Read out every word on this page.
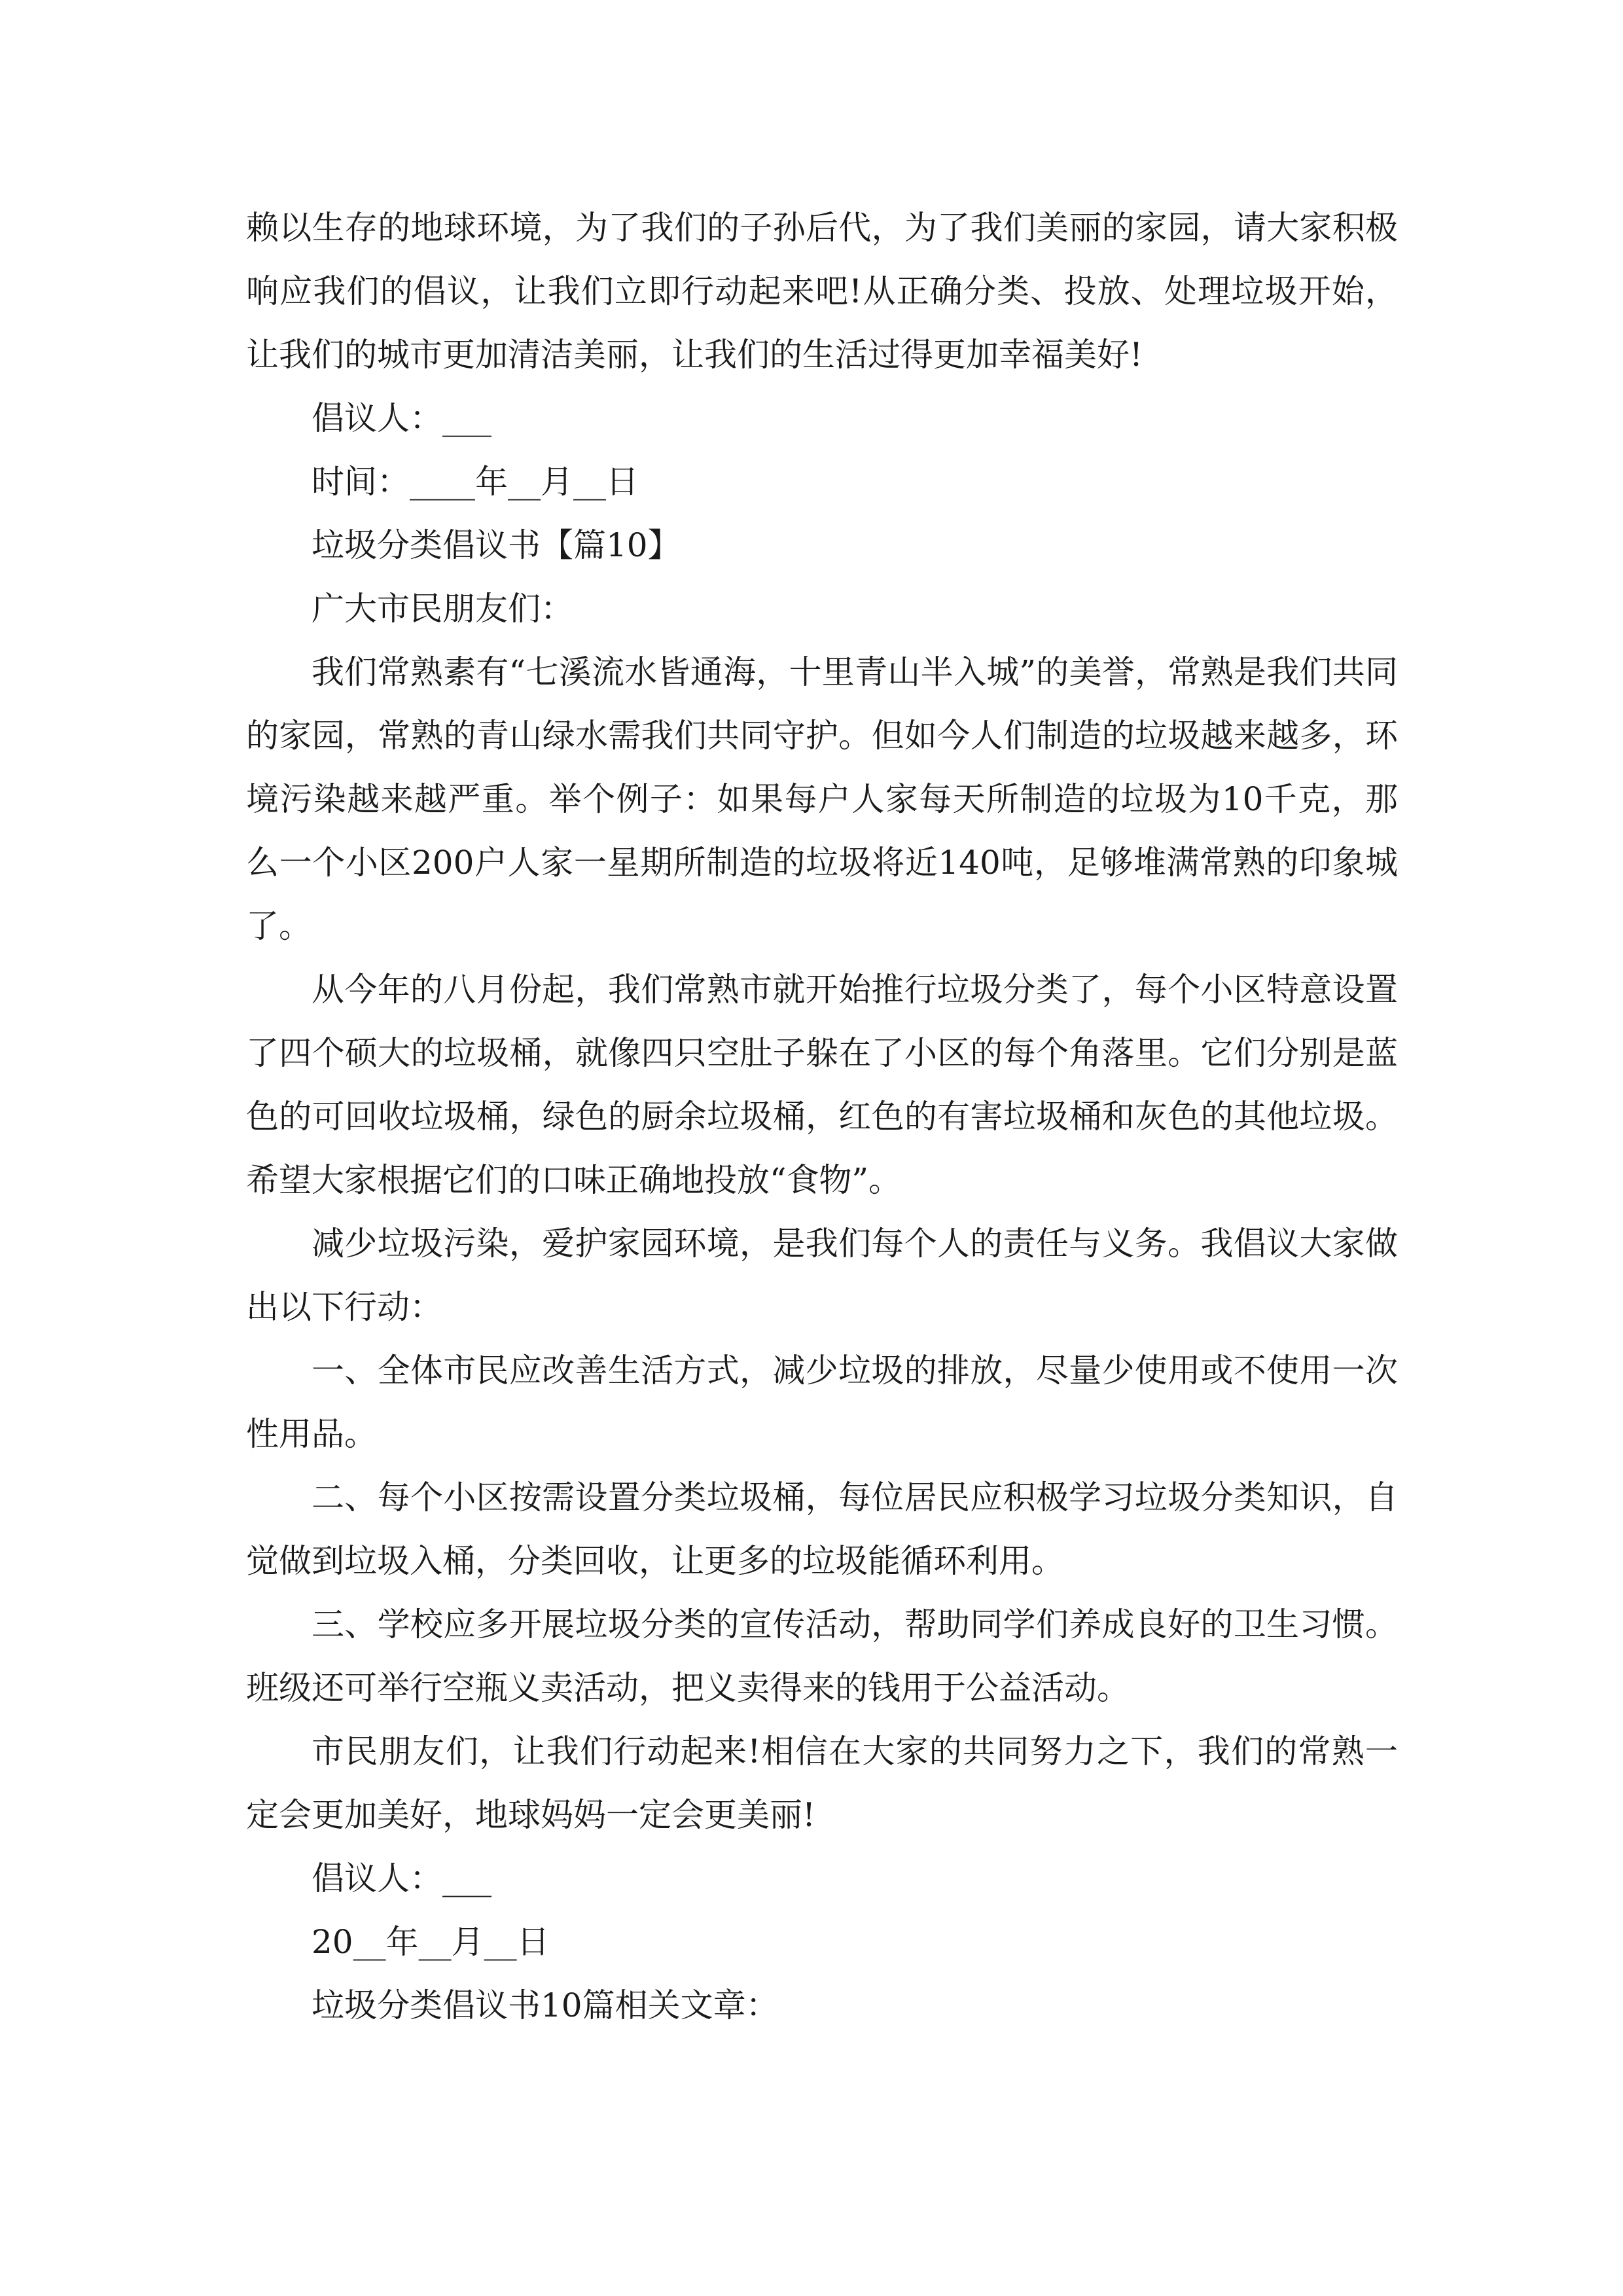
赖以生存的地球环境，为了我们的子孙后代，为了我们美丽的家园，请大家积极响应我们的倡议，让我们立即行动起来吧!从正确分类、投放、处理垃圾开始，让我们的城市更加清洁美丽，让我们的生活过得更加幸福美好!

倡议人：___

时间：____年__月__日

垃圾分类倡议书【篇10】

广大市民朋友们：

我们常熟素有“七溪流水皆通海，十里青山半入城”的美誉，常熟是我们共同的家园，常熟的青山绿水需我们共同守护。但如今人们制造的垃圾越来越多，环境污染越来越严重。举个例子：如果每户人家每天所制造的垃圾为10千克，那么一个小区200户人家一星期所制造的垃圾将近140吨，足够堆满常熟的印象城了。

从今年的八月份起，我们常熟市就开始推行垃圾分类了，每个小区特意设置了四个硕大的垃圾桶，就像四只空肚子躲在了小区的每个角落里。它们分别是蓝色的可回收垃圾桶，绿色的厨余垃圾桶，红色的有害垃圾桶和灰色的其他垃圾。希望大家根据它们的口味正确地投放“食物”。

减少垃圾污染，爱护家园环境，是我们每个人的责任与义务。我倡议大家做出以下行动：

一、全体市民应改善生活方式，减少垃圾的排放，尽量少使用或不使用一次性用品。

二、每个小区按需设置分类垃圾桶，每位居民应积极学习垃圾分类知识，自觉做到垃圾入桶，分类回收，让更多的垃圾能循环利用。

三、学校应多开展垃圾分类的宣传活动，帮助同学们养成良好的卫生习惯。班级还可举行空瓶义卖活动，把义卖得来的钱用于公益活动。

市民朋友们，让我们行动起来!相信在大家的共同努力之下，我们的常熟一定会更加美好，地球妈妈一定会更美丽!

倡议人：___

20__年__月__日

垃圾分类倡议书10篇相关文章：
